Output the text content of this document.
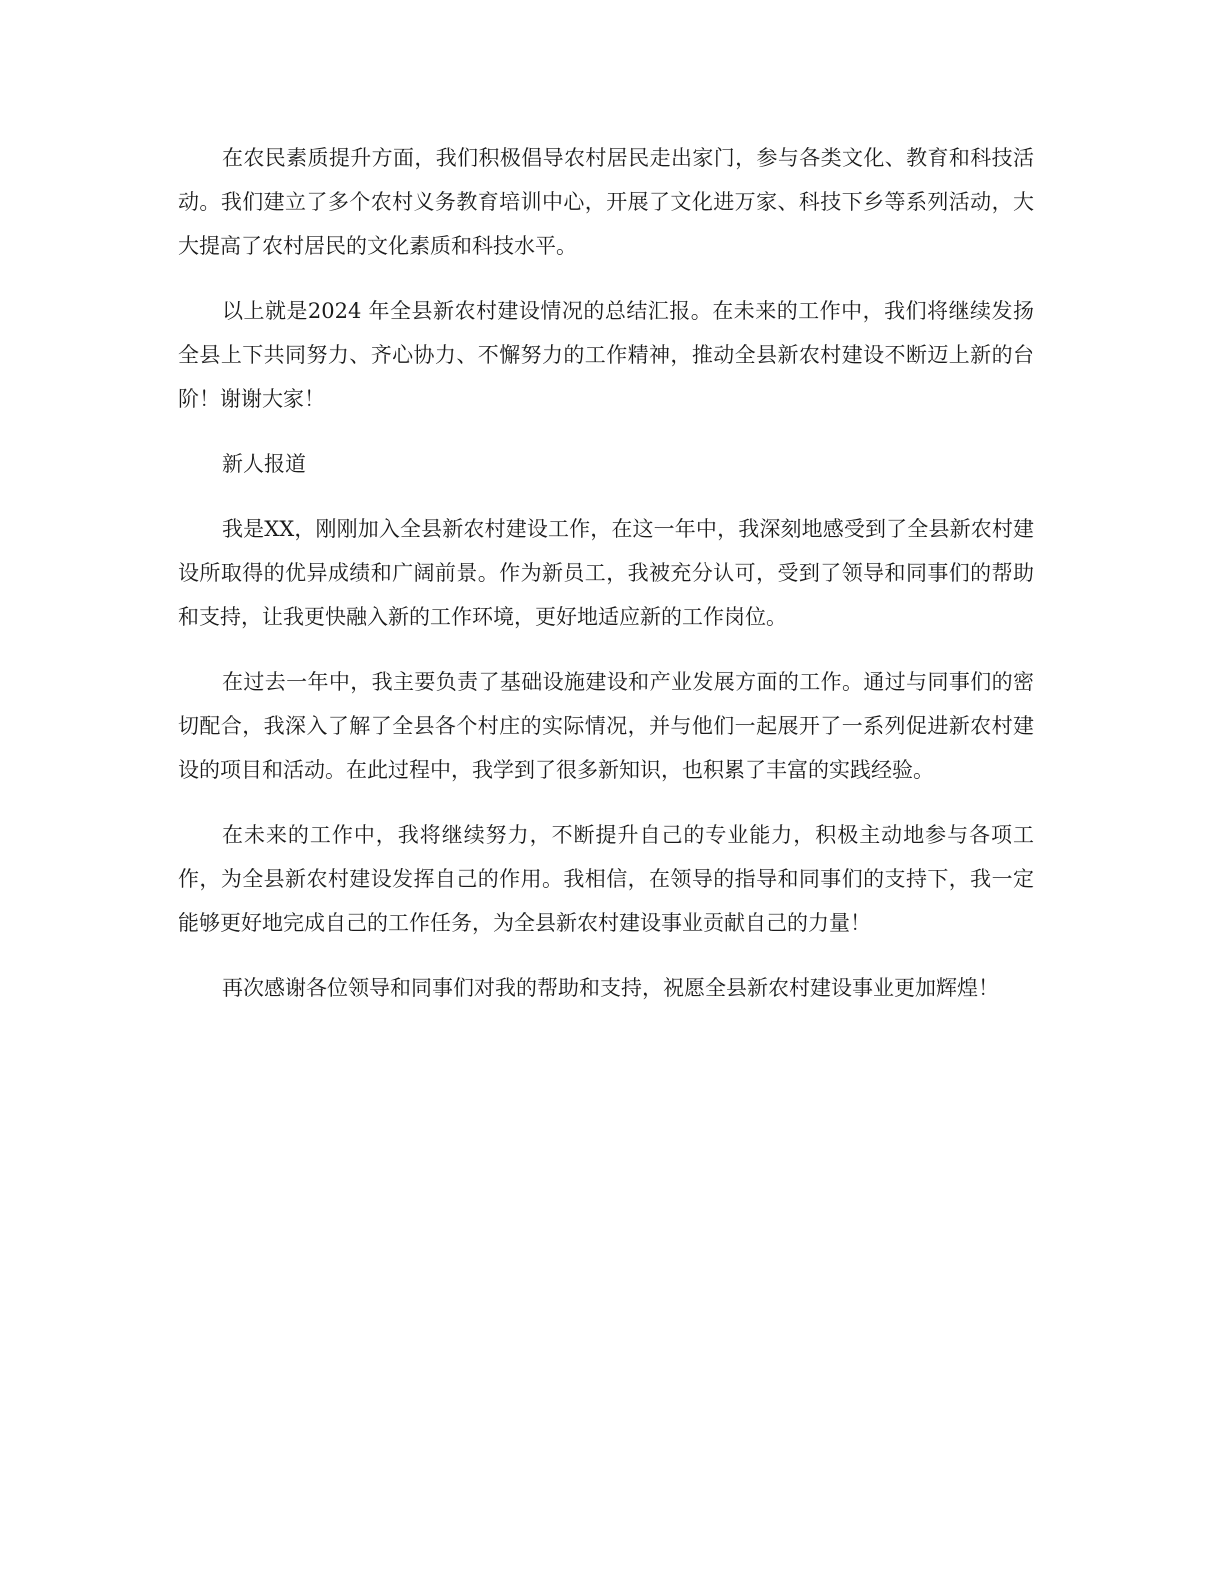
在农民素质提升方面，我们积极倡导农村居民走出家门，参与各类文化、教育和科技活动。我们建立了多个农村义务教育培训中心，开展了文化进万家、科技下乡等系列活动，大大提高了农村居民的文化素质和科技水平。

以上就是2024 年全县新农村建设情况的总结汇报。在未来的工作中，我们将继续发扬全县上下共同努力、齐心协力、不懈努力的工作精神，推动全县新农村建设不断迈上新的台阶！谢谢大家！

新人报道

我是XX，刚刚加入全县新农村建设工作，在这一年中，我深刻地感受到了全县新农村建设所取得的优异成绩和广阔前景。作为新员工，我被充分认可，受到了领导和同事们的帮助和支持，让我更快融入新的工作环境，更好地适应新的工作岗位。

在过去一年中，我主要负责了基础设施建设和产业发展方面的工作。通过与同事们的密切配合，我深入了解了全县各个村庄的实际情况，并与他们一起展开了一系列促进新农村建设的项目和活动。在此过程中，我学到了很多新知识，也积累了丰富的实践经验。

在未来的工作中，我将继续努力，不断提升自己的专业能力，积极主动地参与各项工作，为全县新农村建设发挥自己的作用。我相信，在领导的指导和同事们的支持下，我一定能够更好地完成自己的工作任务，为全县新农村建设事业贡献自己的力量！

再次感谢各位领导和同事们对我的帮助和支持，祝愿全县新农村建设事业更加辉煌！
